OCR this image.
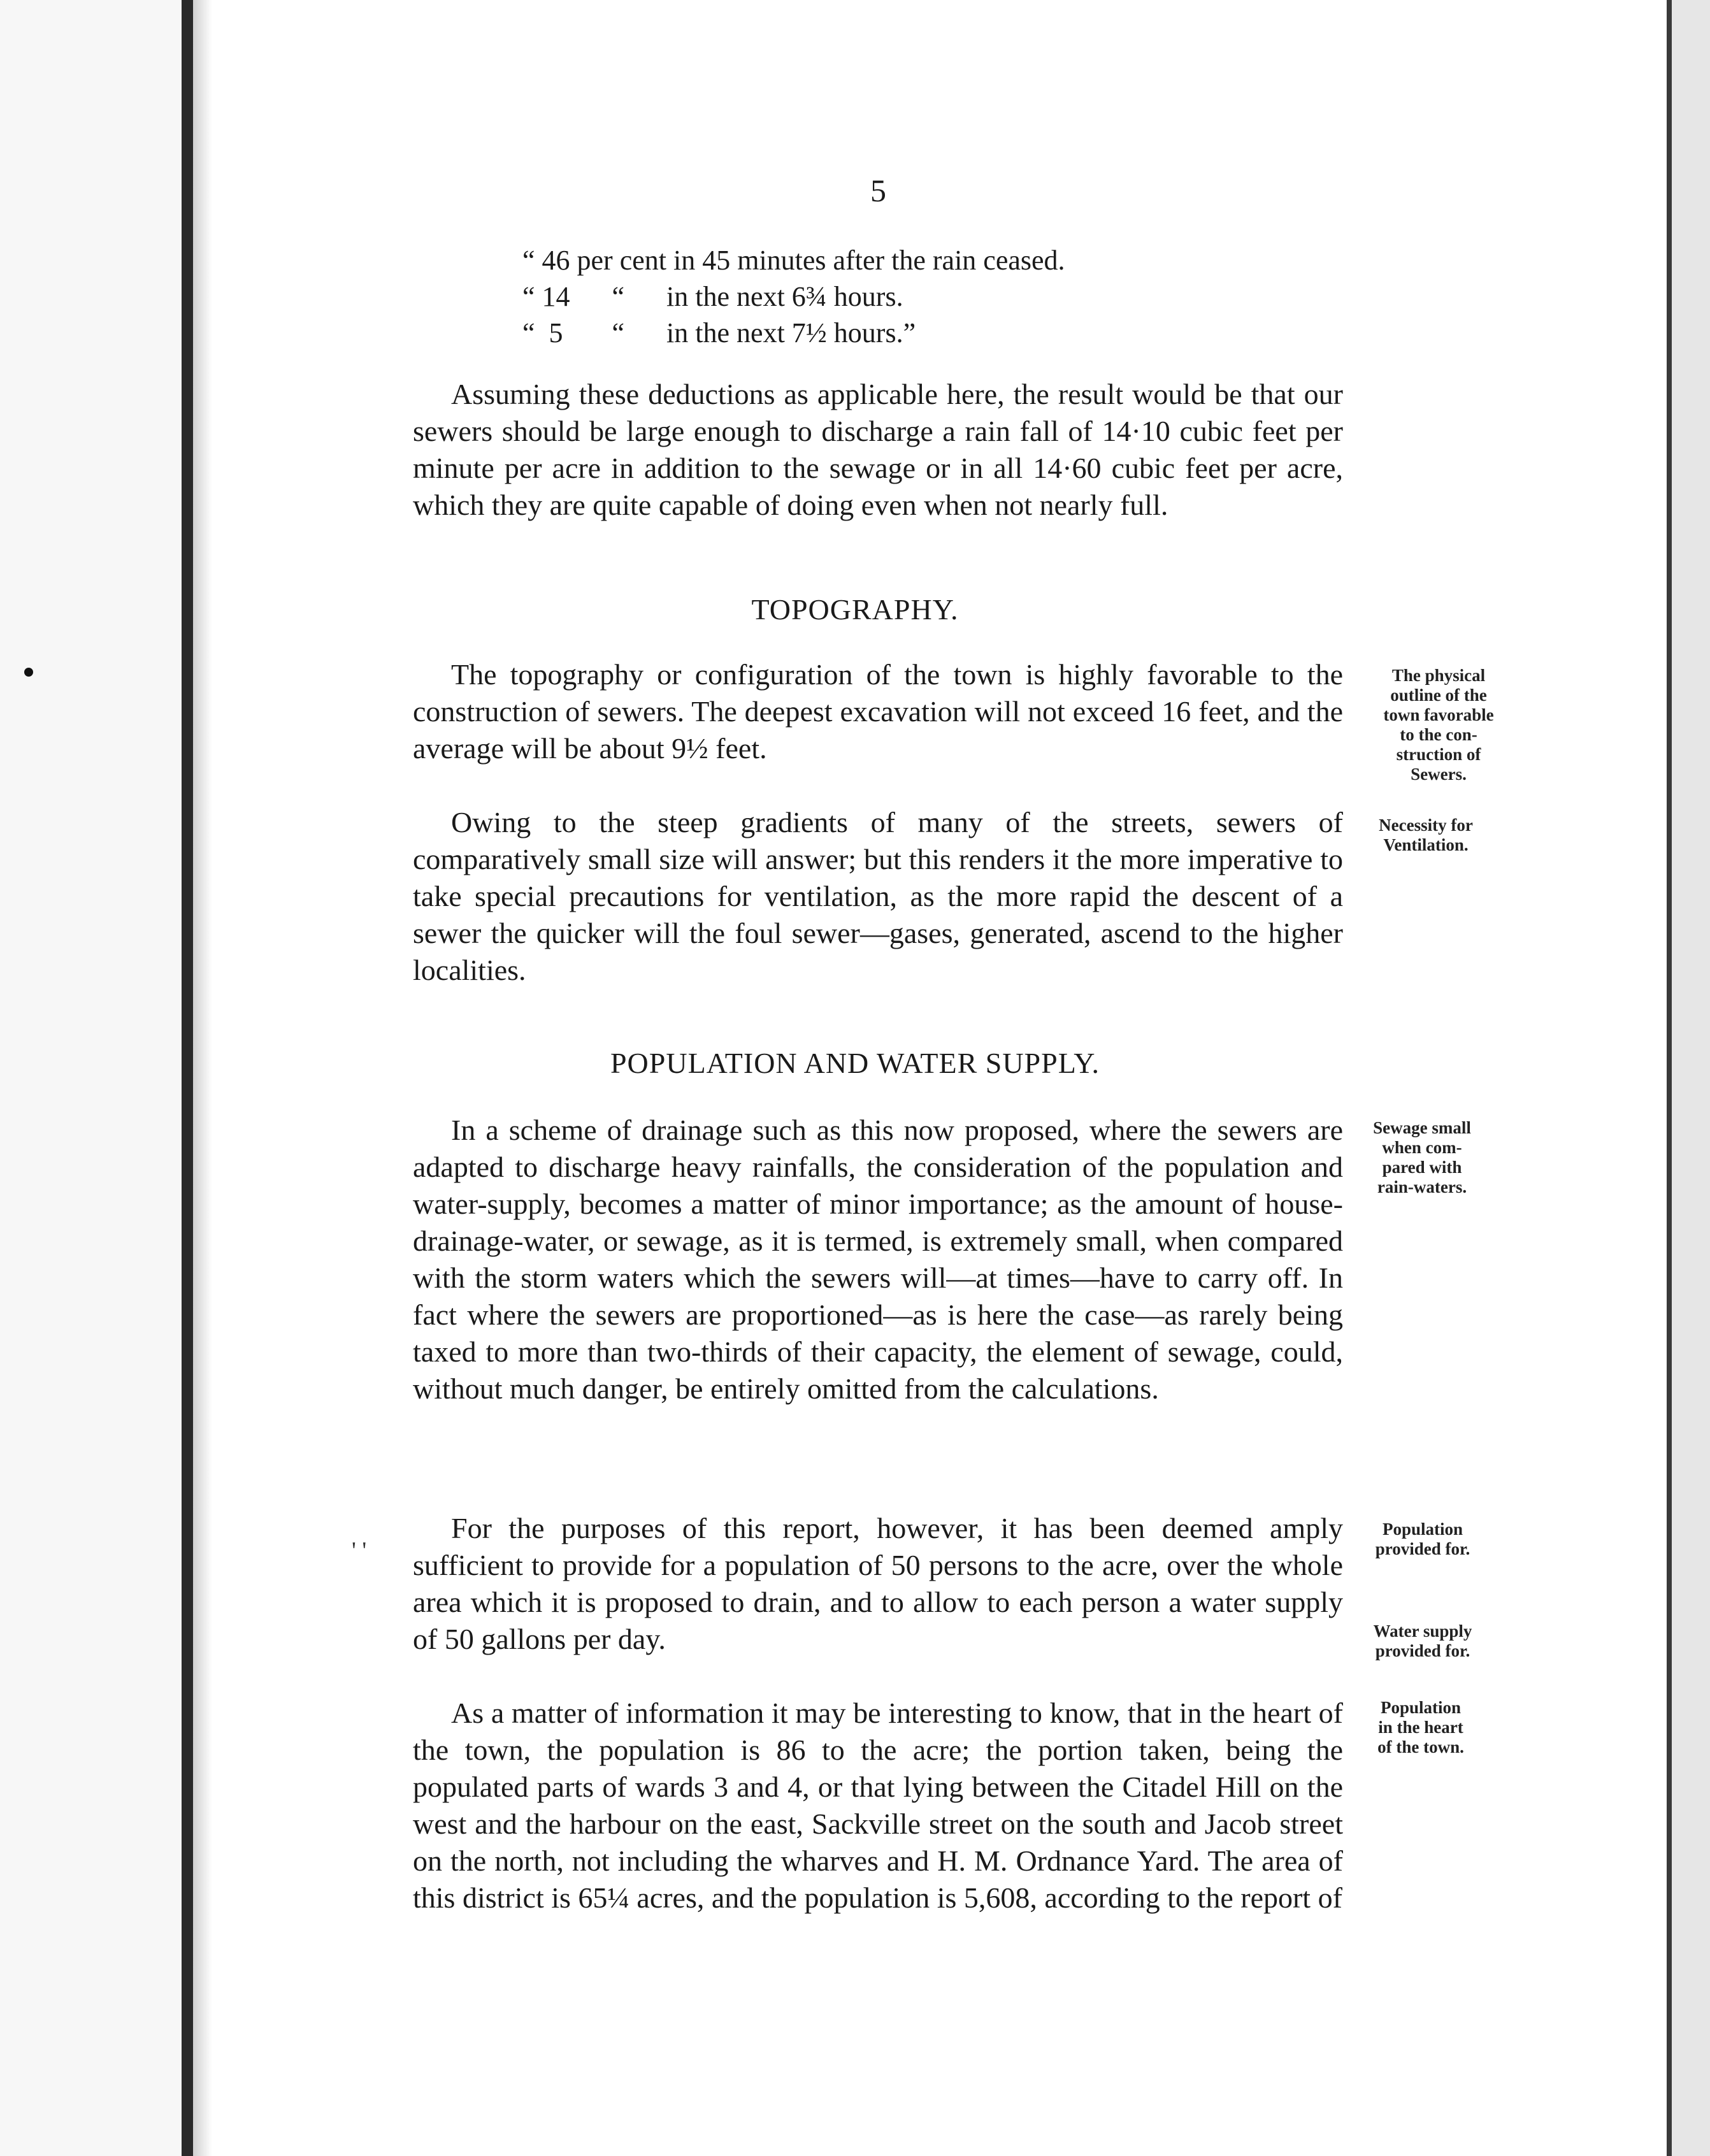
' '
5
“ 46 per cent in 45 minutes after the rain ceased.
“ 14      “      in the next 6¾ hours.
“  5       “      in the next 7½ hours.”

Assuming these deductions as applicable here, the result would be that our sewers should be large enough to discharge a rain fall of 14·10 cubic feet per minute per acre in addition to the sewage or in all 14·60 cubic feet per acre, which they are quite capable of doing even when not nearly full.

TOPOGRAPHY.

The topography or configuration of the town is highly favorable to the construction of sewers. The deepest excavation will not exceed 16 feet, and the average will be about 9½ feet.

Owing to the steep gradients of many of the streets, sewers of comparatively small size will answer; but this renders it the more imperative to take special precautions for ventilation, as the more rapid the descent of a sewer the quicker will the foul sewer—gases, generated, ascend to the higher localities.

POPULATION AND WATER SUPPLY.

In a scheme of drainage such as this now proposed, where the sewers are adapted to discharge heavy rainfalls, the consideration of the population and water-supply, becomes a matter of minor importance; as the amount of house-drainage-water, or sewage, as it is termed, is extremely small, when compared with the storm waters which the sewers will—at times—have to carry off. In fact where the sewers are proportioned—as is here the case—as rarely being taxed to more than two-thirds of their capacity, the element of sewage, could, without much danger, be entirely omitted from the calculations.

For the purposes of this report, however, it has been deemed amply sufficient to provide for a population of 50 persons to the acre, over the whole area which it is proposed to drain, and to allow to each person a water supply of 50 gallons per day.

As a matter of information it may be interesting to know, that in the heart of the town, the population is 86 to the acre; the portion taken, being the populated parts of wards 3 and 4, or that lying between the Citadel Hill on the west and the harbour on the east, Sackville street on the south and Jacob street on the north, not including the wharves and H. M. Ordnance Yard. The area of this district is 65¼ acres, and the population is 5,608, according to the report of

The physical
outline of the
town favorable
to the con-
struction of
Sewers.
Necessity for
Ventilation.
Sewage small
when com-
pared with
rain-waters.
Population
provided for.
Water supply
provided for.
Population
in the heart
of the town.
